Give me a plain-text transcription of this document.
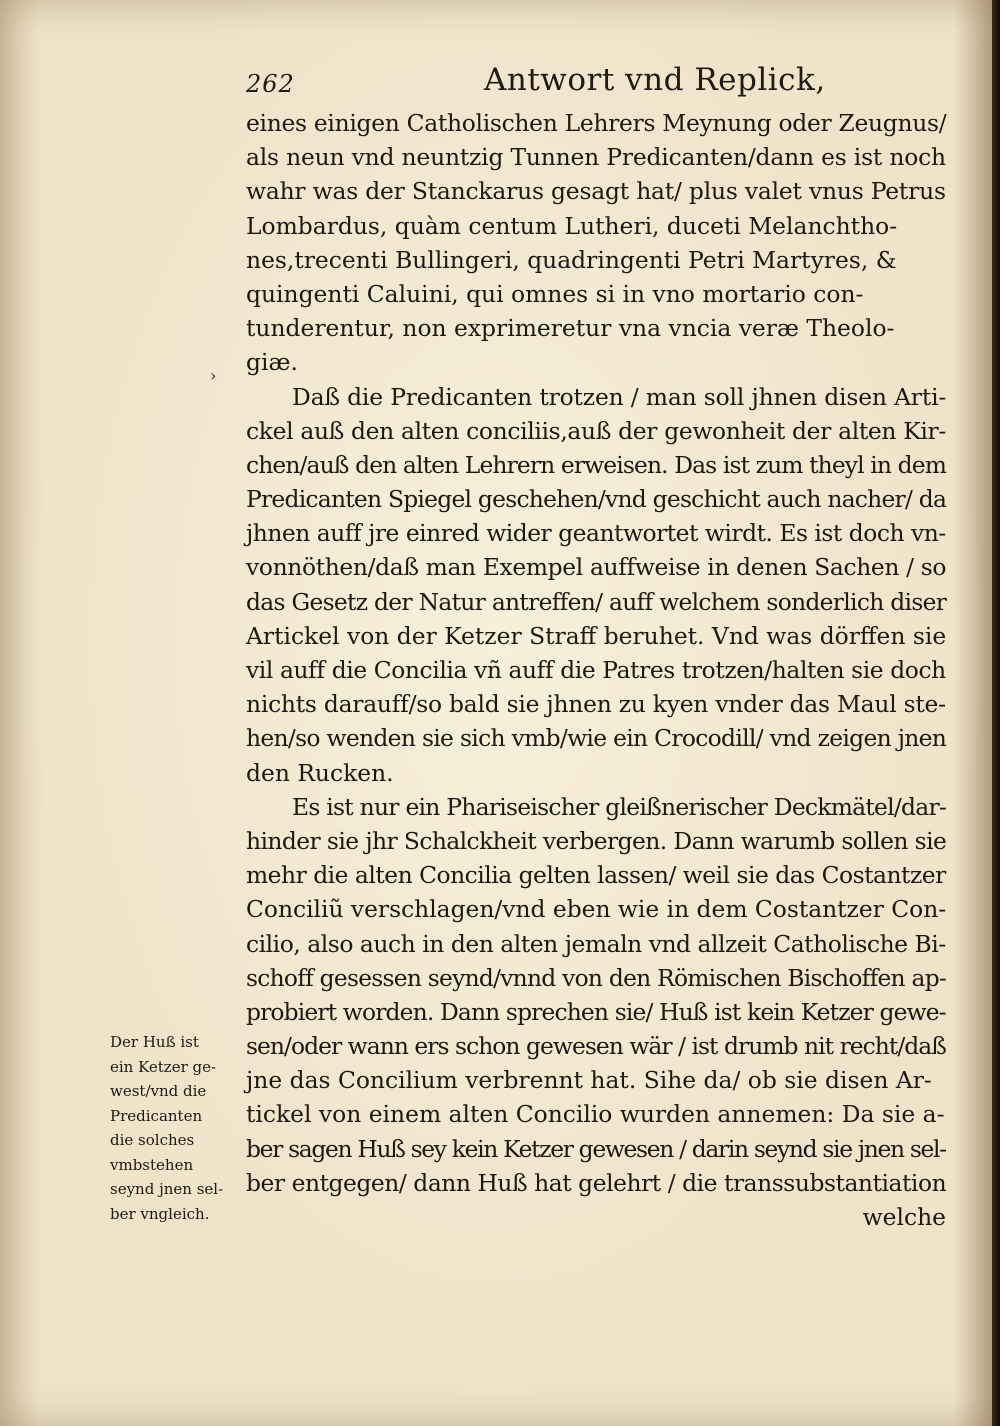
262	Antwort vnd Replick,
›
eines einigen Catholischen Lehrers Meynung oder Zeugnus/
als neun vnd neuntzig Tunnen Predicanten/dann es ist noch
wahr was der Stanckarus gesagt hat/ plus valet vnus Petrus
Lombardus, quàm centum Lutheri, duceti Melanchtho-
nes,trecenti Bullingeri, quadringenti Petri Martyres, &
quingenti Caluini, qui omnes si in vno mortario con-
tunderentur, non exprimeretur vna vncia veræ Theolo-
giæ.
Daß die Predicanten trotzen / man soll jhnen disen Arti-
ckel auß den alten conciliis,auß der gewonheit der alten Kir-
chen/auß den alten Lehrern erweisen. Das ist zum theyl in dem
Predicanten Spiegel geschehen/vnd geschicht auch nacher/ da
jhnen auff jre einred wider geantwortet wirdt. Es ist doch vn-
vonnöthen/daß man Exempel auffweise in denen Sachen / so
das Gesetz der Natur antreffen/ auff welchem sonderlich diser
Artickel von der Ketzer Straff beruhet. Vnd was dörffen sie
vil auff die Concilia vñ auff die Patres trotzen/halten sie doch
nichts darauff/so bald sie jhnen zu kyen vnder das Maul ste-
hen/so wenden sie sich vmb/wie ein Crocodill/ vnd zeigen jnen
den Rucken.
Es ist nur ein Phariseischer gleißnerischer Deckmätel/dar-
hinder sie jhr Schalckheit verbergen. Dann warumb sollen sie
mehr die alten Concilia gelten lassen/ weil sie das Costantzer
Conciliũ verschlagen/vnd eben wie in dem Costantzer Con-
cilio, also auch in den alten jemaln vnd allzeit Catholische Bi-
schoff gesessen seynd/vnnd von den Römischen Bischoffen ap-
probiert worden. Dann sprechen sie/ Huß ist kein Ketzer gewe-
sen/oder wann ers schon gewesen wär / ist drumb nit recht/daß
jne das Concilium verbrennt hat. Sihe da/ ob sie disen Ar-
tickel von einem alten Concilio wurden annemen: Da sie a-
ber sagen Huß sey kein Ketzer gewesen / darin seynd sie jnen sel-
ber entgegen/ dann Huß hat gelehrt / die transsubstantiation
welche
Der Huß ist
ein Ketzer ge-
west/vnd die
Predicanten
die solches
vmbstehen
seynd jnen sel-
ber vngleich.
